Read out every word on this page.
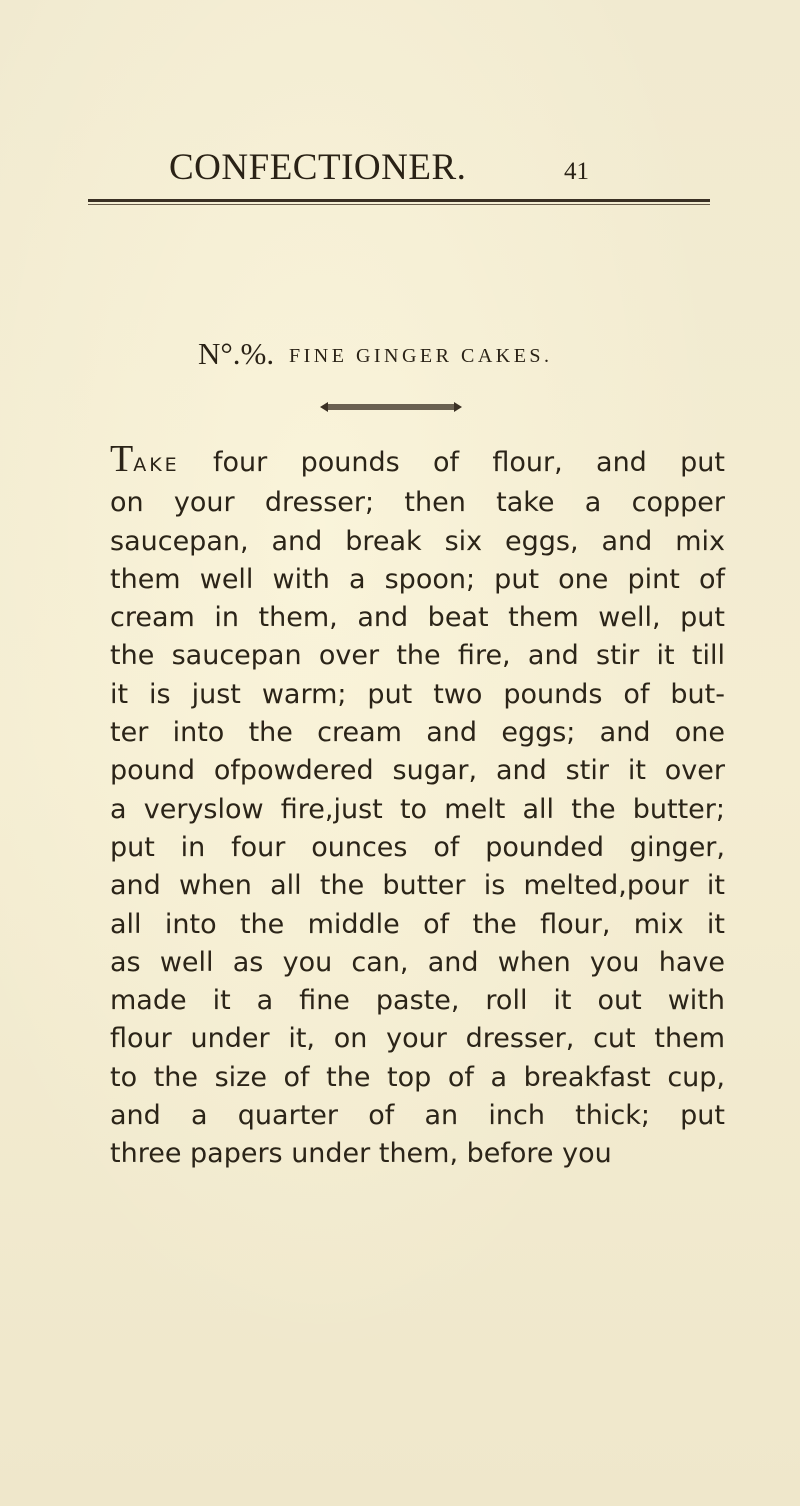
CONFECTIONER.	41
N°.%. FINE GINGER CAKES.
TAKE four pounds of flour, and put
on your dresser; then take a copper
saucepan, and break six eggs, and mix
them well with a spoon; put one pint of
cream in them, and beat them well, put
the saucepan over the fire, and stir it till
it is just warm; put two pounds of but-
ter into the cream and eggs; and one
pound ofpowdered sugar, and stir it over
a veryslow fire,just to melt all the butter;
put in four ounces of pounded ginger,
and when all the butter is melted,pour it
all into the middle of the flour, mix it
as well as you can, and when you have
made it a fine paste, roll it out with
flour under it, on your dresser, cut them
to the size of the top of a breakfast cup,
and a quarter of an inch thick; put
three papers under them, before you
